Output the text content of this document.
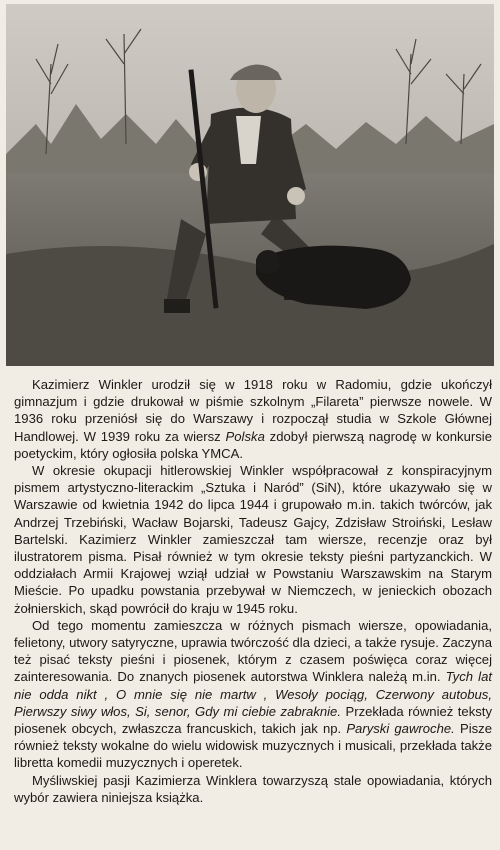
Kazimierz Winkler urodził się w 1918 roku w Radomiu, gdzie ukończył gimnazjum i gdzie drukował w piśmie szkolnym „Filareta” pierwsze nowele. W 1936 roku przeniósł się do Warszawy i rozpoczął studia w Szkole Głównej Handlowej. W 1939 roku za wiersz Polska zdobył pierwszą nagrodę w konkursie poetyckim, który ogłosiła polska YMCA.

W okresie okupacji hitlerowskiej Winkler współpracował z konspiracyjnym pismem artystyczno-literackim „Sztuka i Naród” (SiN), które ukazywało się w Warszawie od kwietnia 1942 do lipca 1944 i grupowało m.in. takich twórców, jak Andrzej Trzebiński, Wacław Bojarski, Tadeusz Gajcy, Zdzisław Stroiński, Lesław Bartelski. Kazimierz Winkler zamieszczał tam wiersze, recenzje oraz był ilustratorem pisma. Pisał również w tym okresie teksty pieśni partyzanckich. W oddziałach Armii Krajowej wziął udział w Powstaniu Warszawskim na Starym Mieście. Po upadku powstania przebywał w Niemczech, w jenieckich obozach żołnierskich, skąd powrócił do kraju w 1945 roku.

Od tego momentu zamieszcza w różnych pismach wiersze, opowiadania, felietony, utwory satyryczne, uprawia twórczość dla dzieci, a także rysuje. Zaczyna też pisać teksty pieśni i piosenek, którym z czasem poświęca coraz więcej zainteresowania. Do znanych piosenek autorstwa Winklera należą m.in. Tych lat nie odda nikt , O mnie się nie martw , Wesoły pociąg, Czerwony autobus, Pierwszy siwy włos, Si, senor, Gdy mi ciebie zabraknie. Przekłada również teksty piosenek obcych, zwłaszcza francuskich, takich jak np. Paryski gawroche. Pisze również teksty wokalne do wielu widowisk muzycznych i musicali, przekłada także libretta komedii muzycznych i operetek.

Myśliwskiej pasji Kazimierza Winklera towarzyszą stale opowiadania, których wybór zawiera niniejsza książka.
